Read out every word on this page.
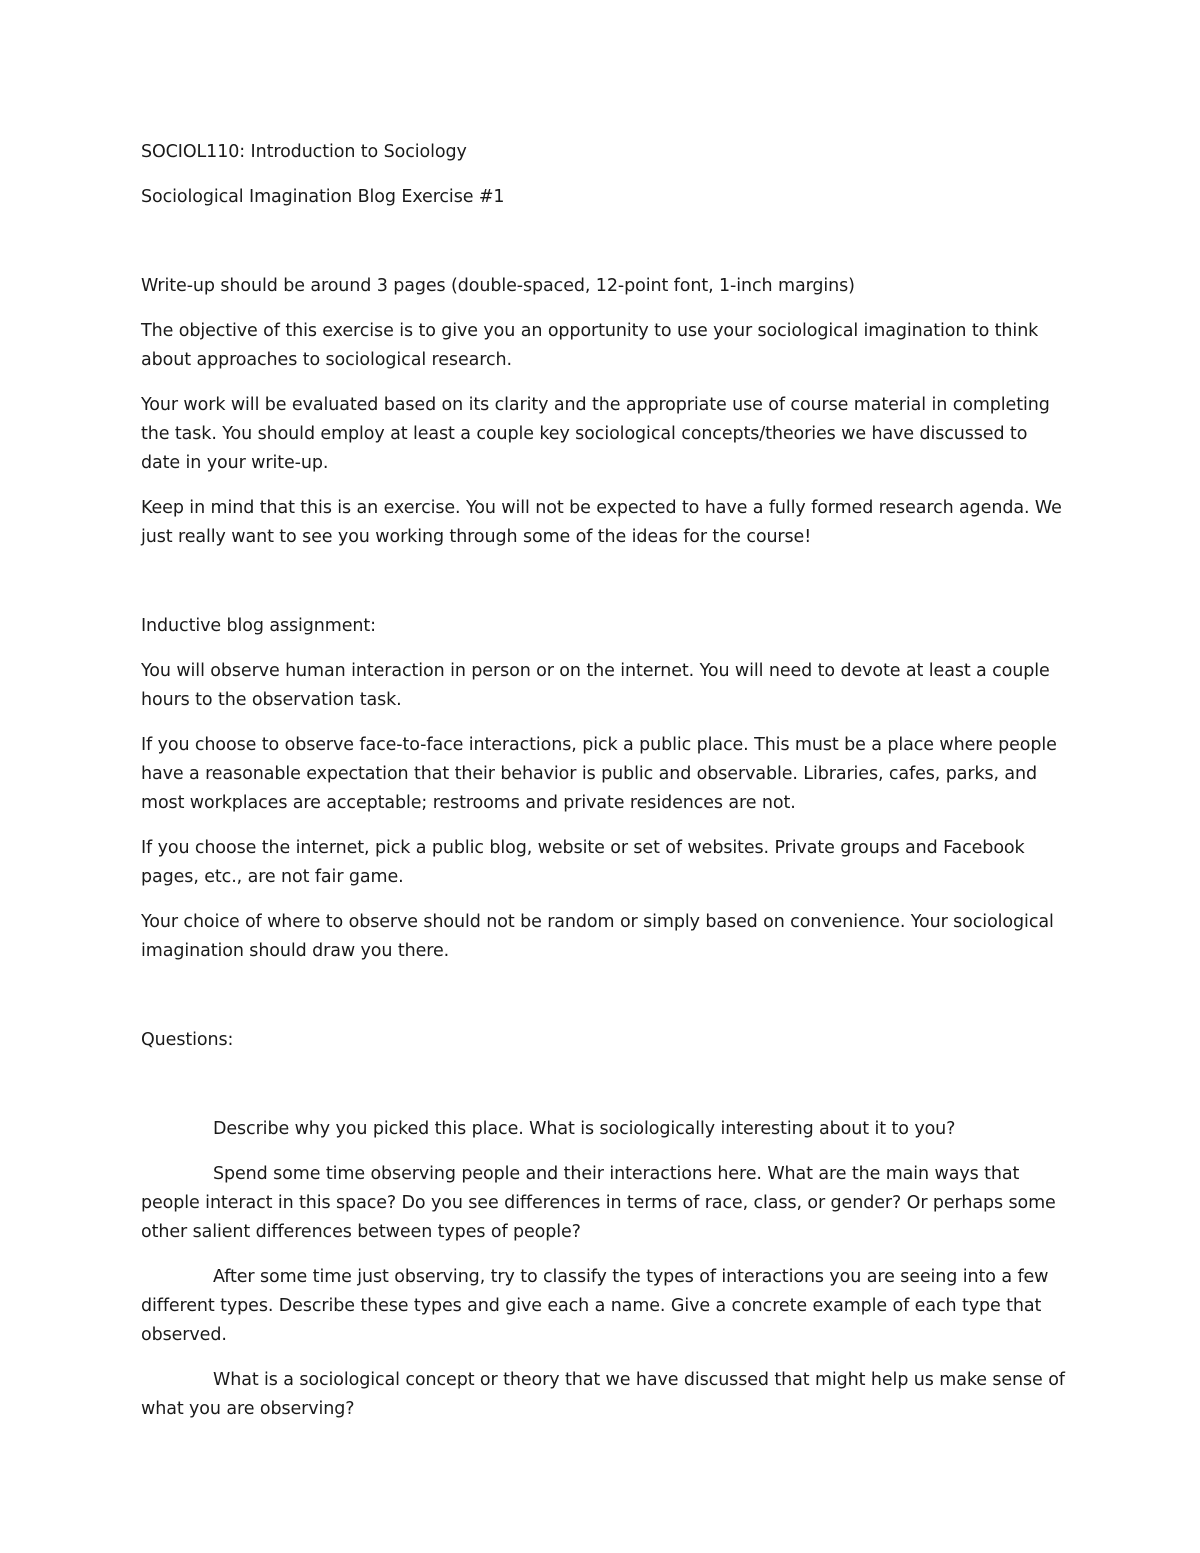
SOCIOL110: Introduction to Sociology

Sociological Imagination Blog Exercise #1

Write-up should be around 3 pages (double-spaced, 12-point font, 1-inch margins)

The objective of this exercise is to give you an opportunity to use your sociological imagination to think about approaches to sociological research.

Your work will be evaluated based on its clarity and the appropriate use of course material in completing the task. You should employ at least a couple key sociological concepts/theories we have discussed to date in your write-up.

Keep in mind that this is an exercise. You will not be expected to have a fully formed research agenda. We just really want to see you working through some of the ideas for the course!

Inductive blog assignment:

You will observe human interaction in person or on the internet. You will need to devote at least a couple hours to the observation task.

If you choose to observe face-to-face interactions, pick a public place. This must be a place where people have a reasonable expectation that their behavior is public and observable. Libraries, cafes, parks, and most workplaces are acceptable; restrooms and private residences are not.

If you choose the internet, pick a public blog, website or set of websites. Private groups and Facebook pages, etc., are not fair game.

Your choice of where to observe should not be random or simply based on convenience. Your sociological imagination should draw you there.

Questions:

Describe why you picked this place. What is sociologically interesting about it to you?

Spend some time observing people and their interactions here. What are the main ways that people interact in this space? Do you see differences in terms of race, class, or gender? Or perhaps some other salient differences between types of people?

After some time just observing, try to classify the types of interactions you are seeing into a few different types. Describe these types and give each a name. Give a concrete example of each type that observed.

What is a sociological concept or theory that we have discussed that might help us make sense of what you are observing?
